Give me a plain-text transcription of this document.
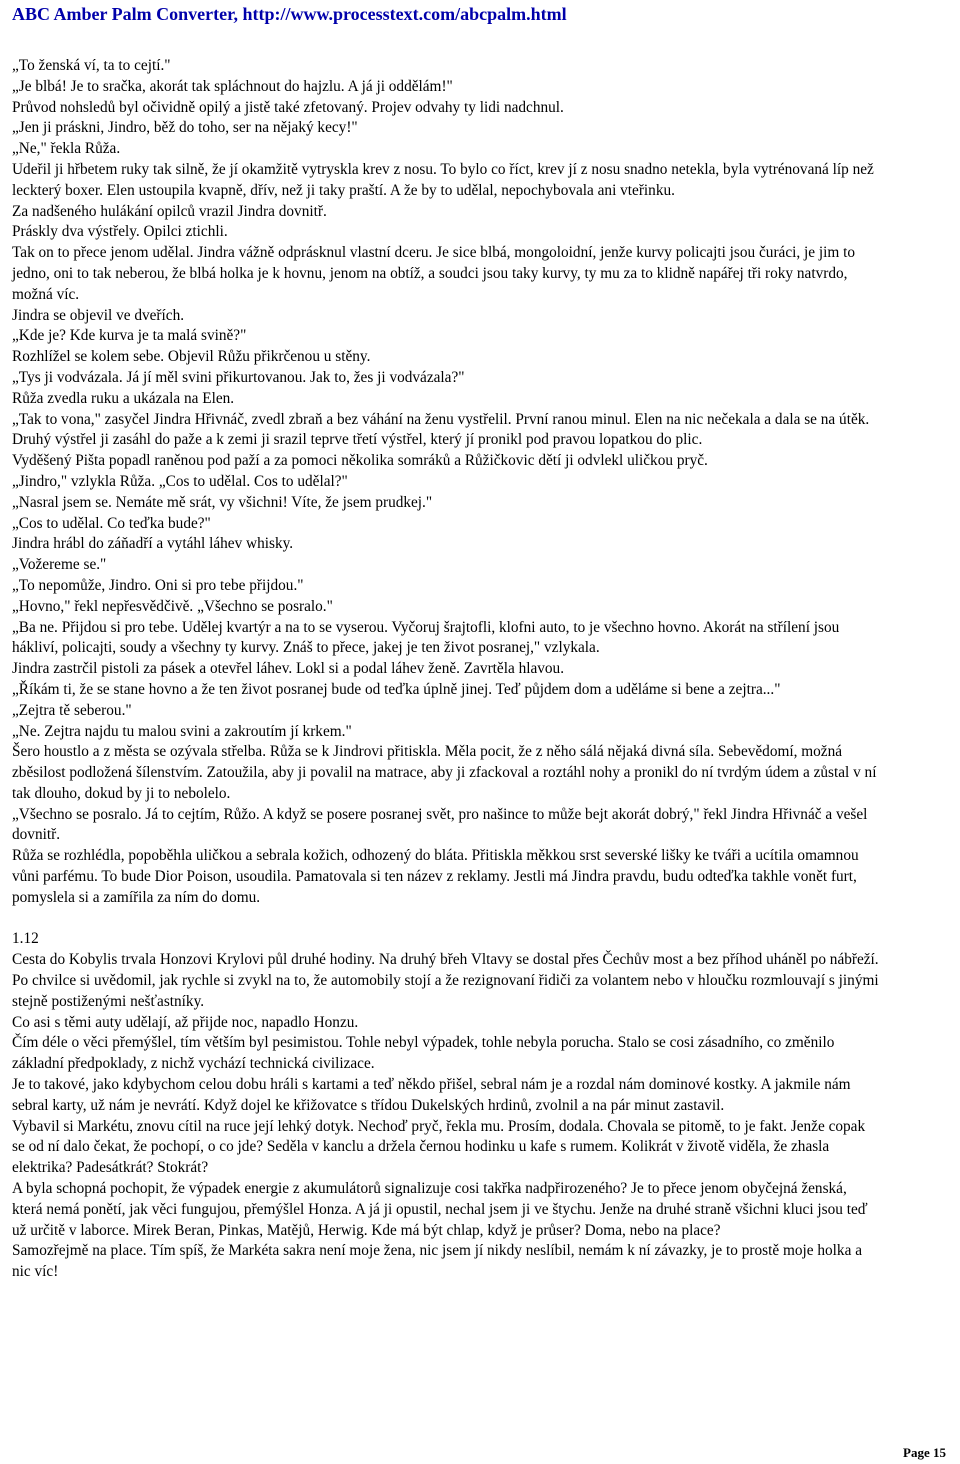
ABC Amber Palm Converter, http://www.processtext.com/abcpalm.html

„To ženská ví, ta to cejtí."

„Je blbá! Je to sračka, akorát tak spláchnout do hajzlu. A já ji oddělám!"

Průvod nohsledů byl očividně opilý a jistě také zfetovaný. Projev odvahy ty lidi nadchnul.

„Jen ji práskni, Jindro, běž do toho, ser na nějaký kecy!"

„Ne," řekla Růža.

Udeřil ji hřbetem ruky tak silně, že jí okamžitě vytryskla krev z nosu. To bylo co říct, krev jí z nosu snadno netekla, byla vytrénovaná líp než leckterý boxer. Elen ustoupila kvapně, dřív, než ji taky praští. A že by to udělal, nepochybovala ani vteřinku.

Za nadšeného hulákání opilců vrazil Jindra dovnitř.

Práskly dva výstřely. Opilci ztichli.

Tak on to přece jenom udělal. Jindra vážně odprásknul vlastní dceru. Je sice blbá, mongoloidní, jenže kurvy policajti jsou čuráci, je jim to jedno, oni to tak neberou, že blbá holka je k hovnu, jenom na obtíž, a soudci jsou taky kurvy, ty mu za to klidně napářej tři roky natvrdo, možná víc.

Jindra se objevil ve dveřích.

„Kde je? Kde kurva je ta malá svině?"

Rozhlížel se kolem sebe. Objevil Růžu přikrčenou u stěny.

„Tys ji vodvázala. Já jí měl svini přikurtovanou. Jak to, žes ji vodvázala?"

Růža zvedla ruku a ukázala na Elen.

„Tak to vona," zasyčel Jindra Hřivnáč, zvedl zbraň a bez váhání na ženu vystřelil. První ranou minul. Elen na nic nečekala a dala se na útěk. Druhý výstřel ji zasáhl do paže a k zemi ji srazil teprve třetí výstřel, který jí pronikl pod pravou lopatkou do plic.

Vyděšený Pišta popadl raněnou pod paží a za pomoci několika somráků a Růžičkovic dětí ji odvlekl uličkou pryč.

„Jindro," vzlykla Růža. „Cos to udělal. Cos to udělal?"

„Nasral jsem se. Nemáte mě srát, vy všichni! Víte, že jsem prudkej."

„Cos to udělal. Co teďka bude?"

Jindra hrábl do záňadří a vytáhl láhev whisky.

„Vožereme se."

„To nepomůže, Jindro. Oni si pro tebe přijdou."

„Hovno," řekl nepřesvědčivě. „Všechno se posralo."

„Ba ne. Přijdou si pro tebe. Udělej kvartýr a na to se vyserou. Vyčoruj šrajtofli, klofni auto, to je všechno hovno. Akorát na střílení jsou hákliví, policajti, soudy a všechny ty kurvy. Znáš to přece, jakej je ten život posranej," vzlykala.

Jindra zastrčil pistoli za pásek a otevřel láhev. Lokl si a podal láhev ženě. Zavrtěla hlavou.

„Říkám ti, že se stane hovno a že ten život posranej bude od teďka úplně jinej. Teď půjdem dom a uděláme si bene a zejtra..."

„Zejtra tě seberou."

„Ne. Zejtra najdu tu malou svini a zakroutím jí krkem."

Šero houstlo a z města se ozývala střelba. Růža se k Jindrovi přitiskla. Měla pocit, že z něho sálá nějaká divná síla. Sebevědomí, možná zběsilost podložená šílenstvím. Zatoužila, aby ji povalil na matrace, aby ji zfackoval a roztáhl nohy a pronikl do ní tvrdým údem a zůstal v ní tak dlouho, dokud by ji to nebolelo.

„Všechno se posralo. Já to cejtím, Růžo. A když se posere posranej svět, pro našince to může bejt akorát dobrý," řekl Jindra Hřivnáč a vešel dovnitř.

Růža se rozhlédla, popoběhla uličkou a sebrala kožich, odhozený do bláta. Přitiskla měkkou srst severské lišky ke tváři a ucítila omamnou vůni parfému. To bude Dior Poison, usoudila. Pamatovala si ten název z reklamy. Jestli má Jindra pravdu, budu odteďka takhle vonět furt, pomyslela si a zamířila za ním do domu.

1.12

Cesta do Kobylis trvala Honzovi Krylovi půl druhé hodiny. Na druhý břeh Vltavy se dostal přes Čechův most a bez příhod uháněl po nábřeží. Po chvilce si uvědomil, jak rychle si zvykl na to, že automobily stojí a že rezignovaní řidiči za volantem nebo v hloučku rozmlouvají s jinými stejně postiženými nešťastníky.

Co asi s těmi auty udělají, až přijde noc, napadlo Honzu.

Čím déle o věci přemýšlel, tím větším byl pesimistou. Tohle nebyl výpadek, tohle nebyla porucha. Stalo se cosi zásadního, co změnilo základní předpoklady, z nichž vychází technická civilizace.

Je to takové, jako kdybychom celou dobu hráli s kartami a teď někdo přišel, sebral nám je a rozdal nám dominové kostky. A jakmile nám sebral karty, už nám je nevrátí. Když dojel ke křižovatce s třídou Dukelských hrdinů, zvolnil a na pár minut zastavil.

Vybavil si Markétu, znovu cítil na ruce její lehký dotyk. Nechoď pryč, řekla mu. Prosím, dodala. Chovala se pitomě, to je fakt. Jenže copak se od ní dalo čekat, že pochopí, o co jde? Seděla v kanclu a držela černou hodinku u kafe s rumem. Kolikrát v životě viděla, že zhasla elektrika? Padesátkrát? Stokrát?

A byla schopná pochopit, že výpadek energie z akumulátorů signalizuje cosi takřka nadpřirozeného? Je to přece jenom obyčejná ženská, která nemá ponětí, jak věci fungujou, přemýšlel Honza. A já ji opustil, nechal jsem ji ve štychu. Jenže na druhé straně všichni kluci jsou teď už určitě v laborce. Mirek Beran, Pinkas, Matějů, Herwig. Kde má být chlap, když je průser? Doma, nebo na place?

Samozřejmě na place. Tím spíš, že Markéta sakra není moje žena, nic jsem jí nikdy neslíbil, nemám k ní závazky, je to prostě moje holka a nic víc!

Page 15
